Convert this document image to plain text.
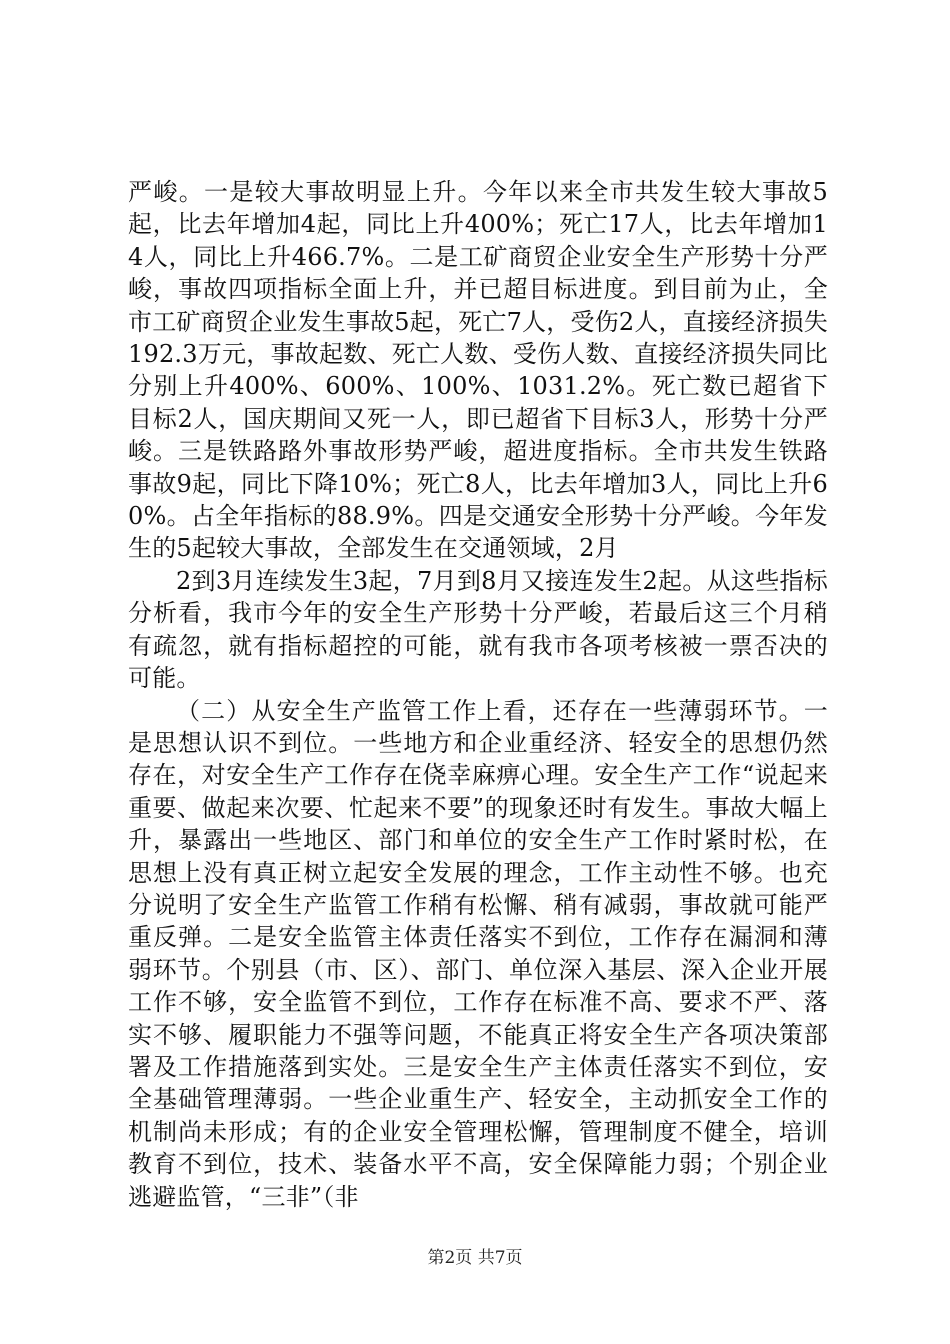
严峻。一是较大事故明显上升。今年以来全市共发生较大事故5起，比去年增加4起，同比上升400%；死亡17人，比去年增加14人，同比上升466.7%。二是工矿商贸企业安全生产形势十分严峻，事故四项指标全面上升，并已超目标进度。到目前为止，全市工矿商贸企业发生事故5起，死亡7人，受伤2人，直接经济损失192.3万元，事故起数、死亡人数、受伤人数、直接经济损失同比分别上升400%、600%、100%、1031.2%。死亡数已超省下目标2人，国庆期间又死一人，即已超省下目标3人，形势十分严峻。三是铁路路外事故形势严峻，超进度指标。全市共发生铁路事故9起，同比下降10%；死亡8人，比去年增加3人，同比上升60%。占全年指标的88.9%。四是交通安全形势十分严峻。今年发生的5起较大事故，全部发生在交通领域，2月

2到3月连续发生3起，7月到8月又接连发生2起。从这些指标分析看，我市今年的安全生产形势十分严峻，若最后这三个月稍有疏忽，就有指标超控的可能，就有我市各项考核被一票否决的可能。

（二）从安全生产监管工作上看，还存在一些薄弱环节。一是思想认识不到位。一些地方和企业重经济、轻安全的思想仍然存在，对安全生产工作存在侥幸麻痹心理。安全生产工作“说起来重要、做起来次要、忙起来不要”的现象还时有发生。事故大幅上升，暴露出一些地区、部门和单位的安全生产工作时紧时松，在思想上没有真正树立起安全发展的理念，工作主动性不够。也充分说明了安全生产监管工作稍有松懈、稍有减弱，事故就可能严重反弹。二是安全监管主体责任落实不到位，工作存在漏洞和薄弱环节。个别县（市、区）、部门、单位深入基层、深入企业开展工作不够，安全监管不到位，工作存在标准不高、要求不严、落实不够、履职能力不强等问题，不能真正将安全生产各项决策部署及工作措施落到实处。三是安全生产主体责任落实不到位，安全基础管理薄弱。一些企业重生产、轻安全，主动抓安全工作的机制尚未形成；有的企业安全管理松懈，管理制度不健全，培训教育不到位，技术、装备水平不高，安全保障能力弱；个别企业逃避监管，“三非”（非

第2页 共7页
